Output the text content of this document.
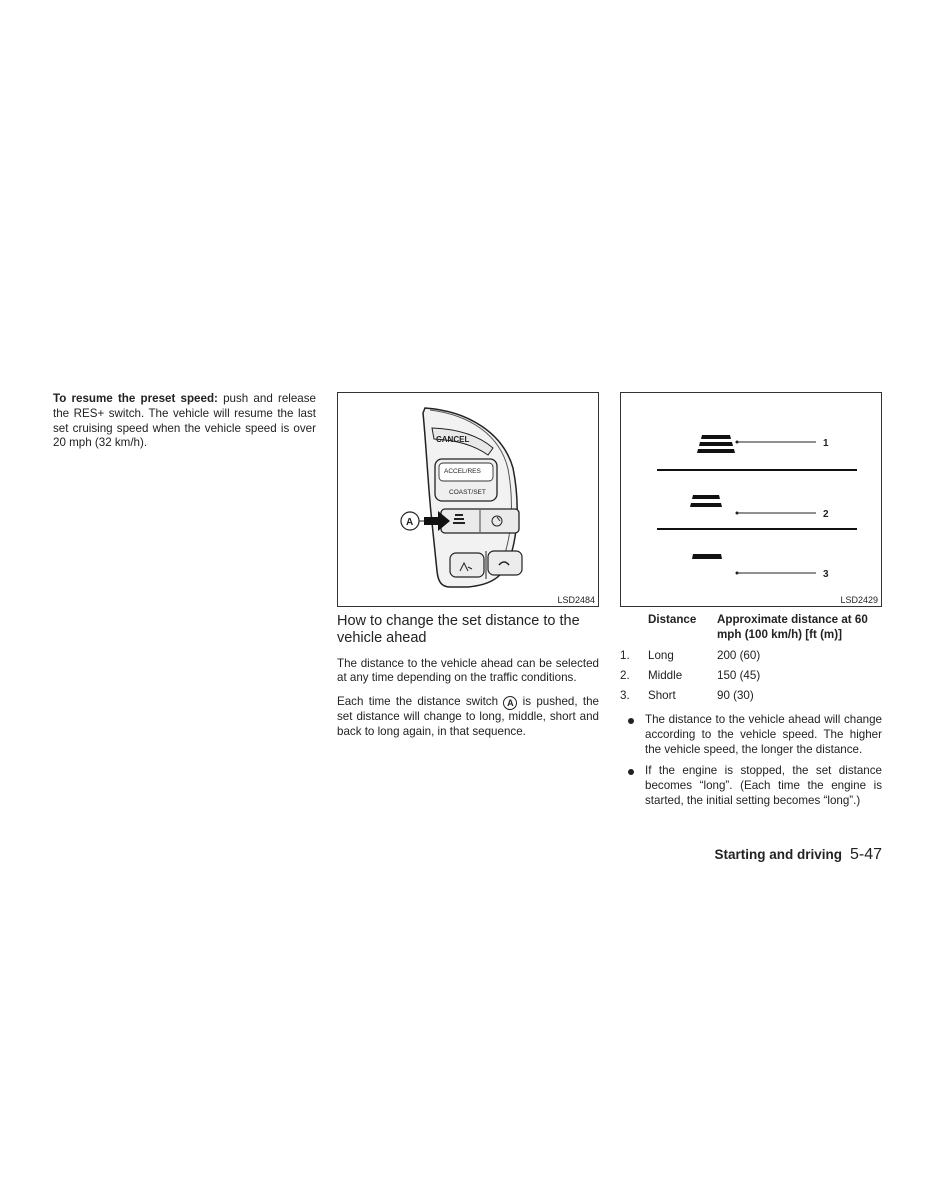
To resume the preset speed: push and release the RES+ switch. The vehicle will resume the last set cruising speed when the vehicle speed is over 20 mph (32 km/h).	CANCEL
ACCEL/RES
COAST/SET
A
LSD2484
How to change the set distance to the vehicle ahead

The distance to the vehicle ahead can be selected at any time depending on the traffic conditions.

Each time the distance switch A is pushed, the set distance will change to long, middle, short and back to long again, in that sequence.

1
2
3
LSD2429
	Distance	Approximate distance at 60 mph (100 km/h) [ft (m)]
1.	Long	200 (60)
2.	Middle	150 (45)
3.	Short	90 (30)
The distance to the vehicle ahead will change according to the vehicle speed. The higher the vehicle speed, the longer the distance.
If the engine is stopped, the set distance becomes “long”. (Each time the engine is started, the initial setting becomes “long”.)
Starting and driving 5-47
